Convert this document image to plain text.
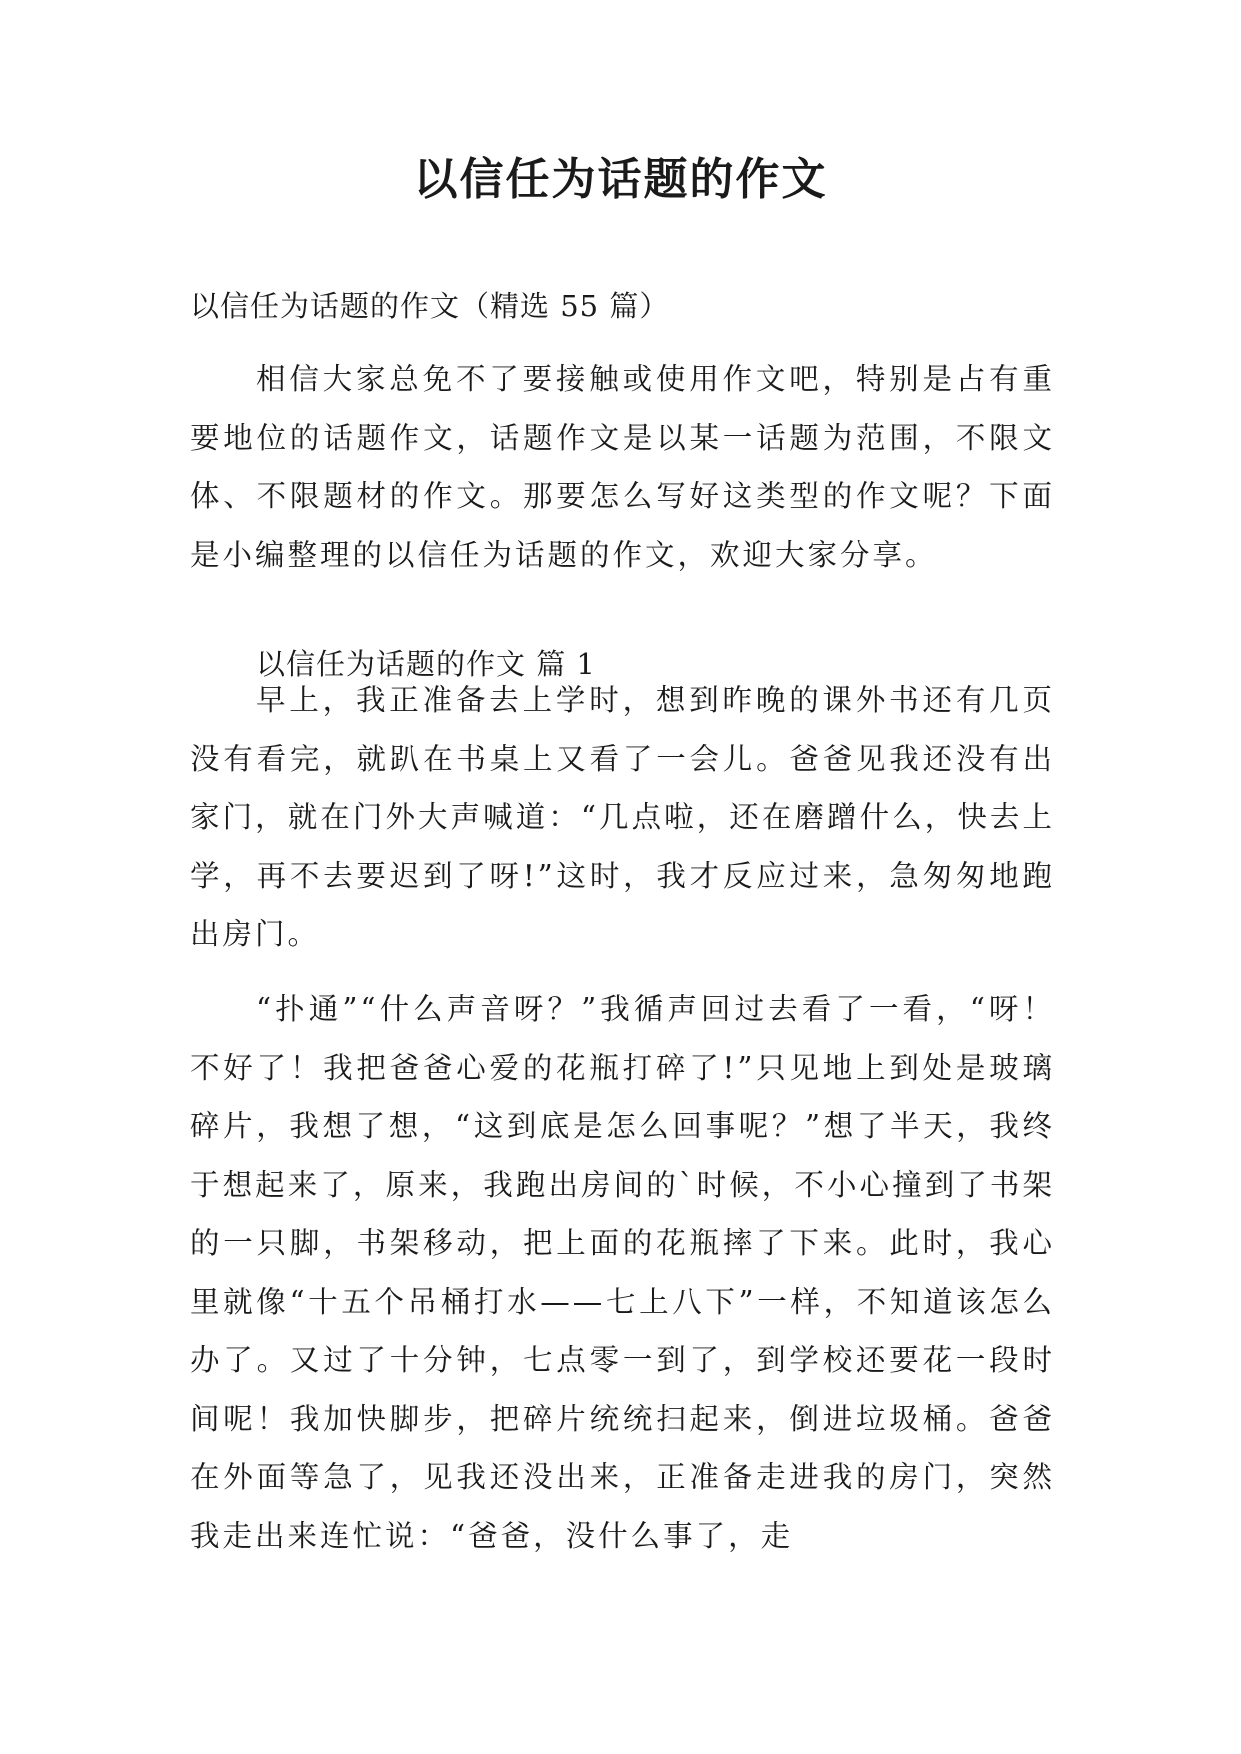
以信任为话题的作文
以信任为话题的作文（精选 55 篇）

相信大家总免不了要接触或使用作文吧，特别是占有重要地位的话题作文，话题作文是以某一话题为范围，不限文体、不限题材的作文。那要怎么写好这类型的作文呢？下面是小编整理的以信任为话题的作文，欢迎大家分享。

以信任为话题的作文 篇 1

早上，我正准备去上学时，想到昨晚的课外书还有几页没有看完，就趴在书桌上又看了一会儿。爸爸见我还没有出家门，就在门外大声喊道：“几点啦，还在磨蹭什么，快去上学，再不去要迟到了呀!”这时，我才反应过来，急匆匆地跑出房门。

“扑通”“什么声音呀？”我循声回过去看了一看，“呀！不好了！我把爸爸心爱的花瓶打碎了!”只见地上到处是玻璃碎片，我想了想，“这到底是怎么回事呢？”想了半天，我终于想起来了，原来，我跑出房间的`时候，不小心撞到了书架的一只脚，书架移动，把上面的花瓶摔了下来。此时，我心里就像“十五个吊桶打水——七上八下”一样，不知道该怎么办了。又过了十分钟，七点零一到了，到学校还要花一段时间呢！我加快脚步，把碎片统统扫起来，倒进垃圾桶。爸爸在外面等急了，见我还没出来，正准备走进我的房门，突然我走出来连忙说：“爸爸，没什么事了，走
